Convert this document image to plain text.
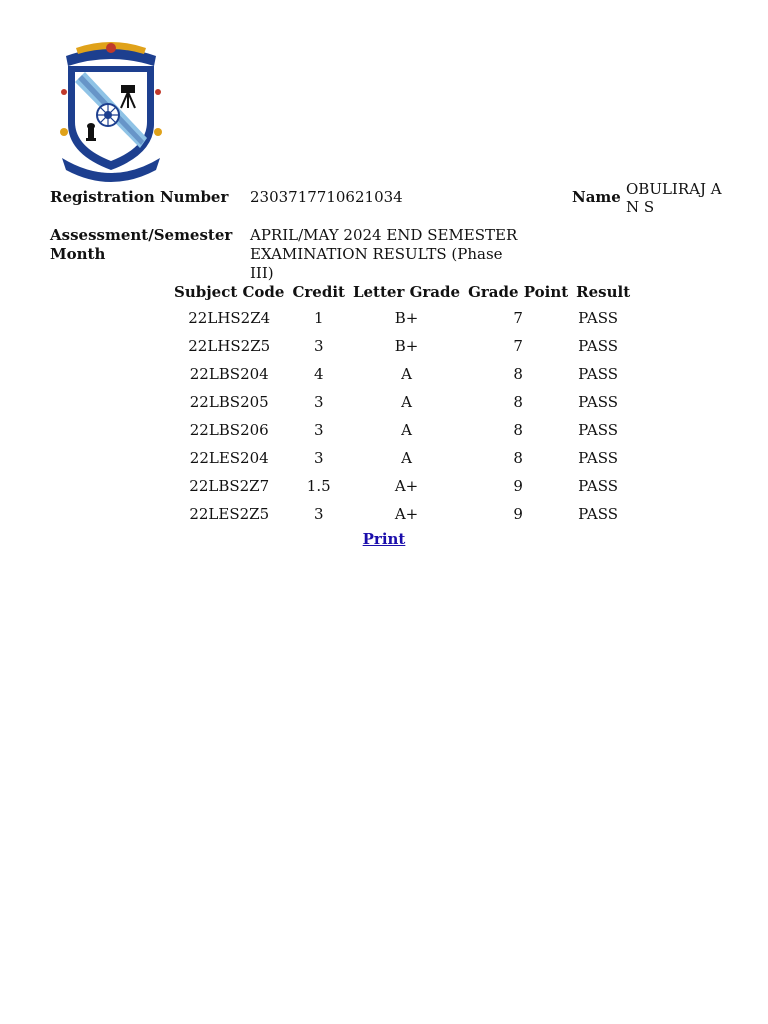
Registration Number 2303717710621034	Name OBULIRAJ A N S
Assessment/Semester Month
APRIL/MAY 2024 END SEMESTER EXAMINATION RESULTS (Phase III)
Subject Code	Credit	Letter Grade	Grade Point	Result
22LHS2Z4	1	B+	7	PASS
22LHS2Z5	3	B+	7	PASS
22LBS204	4	A	8	PASS
22LBS205	3	A	8	PASS
22LBS206	3	A	8	PASS
22LES204	3	A	8	PASS
22LBS2Z7	1.5	A+	9	PASS
22LES2Z5	3	A+	9	PASS
Print
